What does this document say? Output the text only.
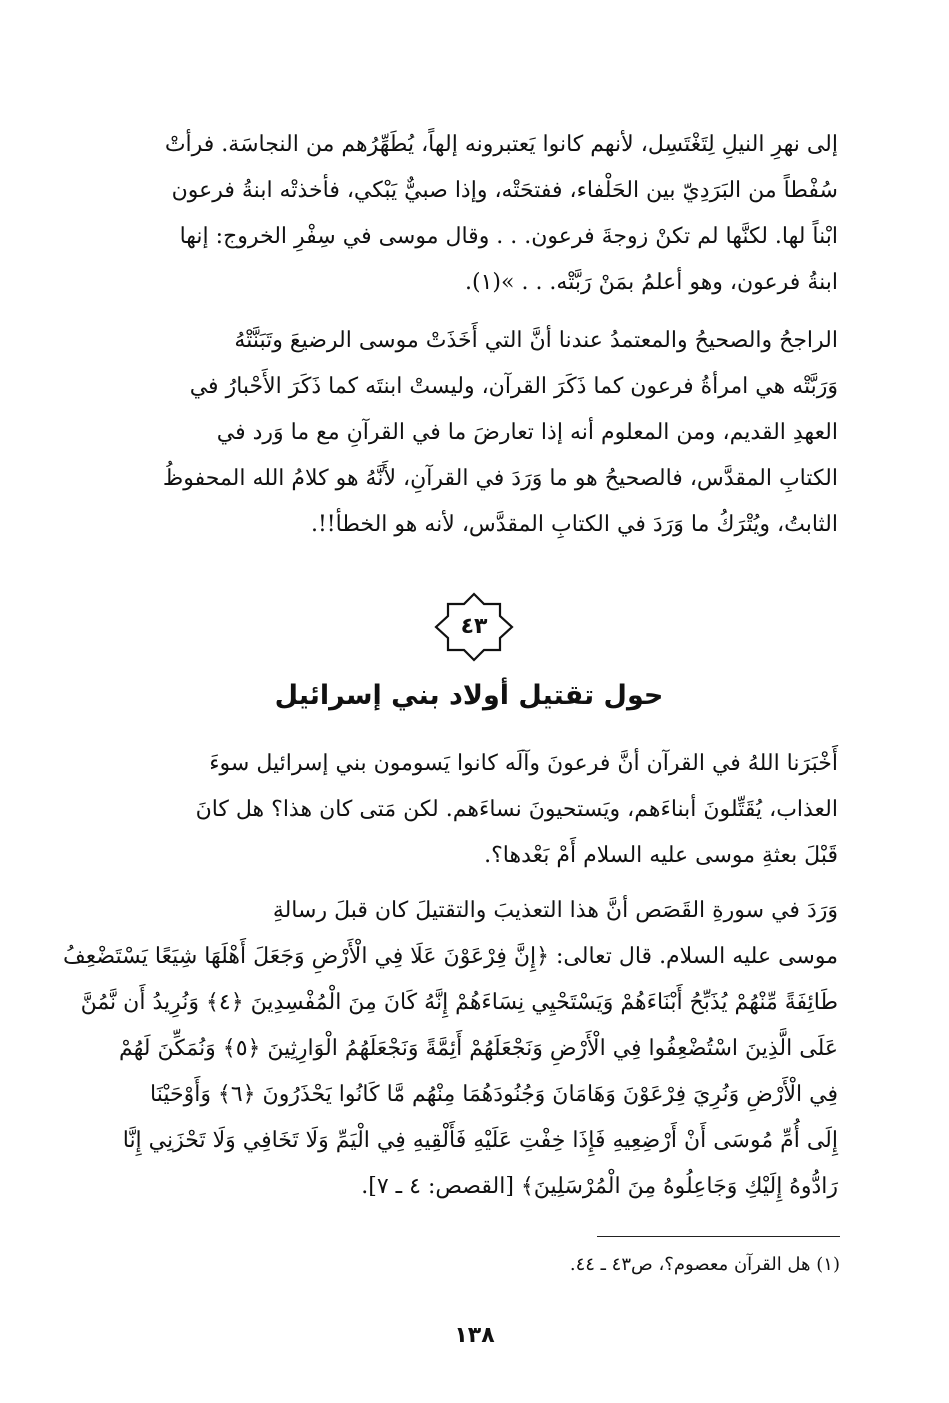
إلى نهرِ النيلِ لِتَغْتَسِل، لأنهم كانوا يَعتبرونه إلهاً، يُطَهِّرُهم من النجاسَة. فرأتْ
سُفْطاً من البَرَدِيّ بين الحَلْفاء، ففتحَتْه، وإذا صبيٌّ يَبْكي، فأخذتْه ابنةُ فرعون
ابْناً لها. لكنَّها لم تكنْ زوجةَ فرعون. . . وقال موسى في سِفْرِ الخروج: إنها
ابنةُ فرعون، وهو أعلمُ بمَنْ رَبَّتْه. . . »(١).
الراجحُ والصحيحُ والمعتمدُ عندنا أنَّ التي أَخَذَتْ موسى الرضيعَ وتَبَنَّتْهُ
وَرَبَّتْه هي امرأةُ فرعون كما ذَكَرَ القرآن، وليستْ ابنتَه كما ذَكَرَ الأَحْبارُ في
العهدِ القديم، ومن المعلوم أنه إذا تعارضَ ما في القرآنِ مع ما وَرد في
الكتابِ المقدَّس، فالصحيحُ هو ما وَرَدَ في القرآنِ، لأَنَّهُ هو كلامُ الله المحفوظُ
الثابتُ، ويُتْرَكُ ما وَرَدَ في الكتابِ المقدَّس، لأنه هو الخطأ!!.
٤٣
حول تقتيل أولاد بني إسرائيل
أَخْبَرَنا اللهُ في القرآن أنَّ فرعونَ وآلَه كانوا يَسومون بني إسرائيل سوءَ
العذاب، يُقَتِّلونَ أبناءَهم، ويَستحيونَ نساءَهم. لكن مَتى كان هذا؟ هل كانَ
قَبْلَ بعثةِ موسى عليه السلام أَمْ بَعْدها؟.
وَرَدَ في سورةِ القَصَص أنَّ هذا التعذيبَ والتقتيلَ كان قبلَ رسالةِ
موسى عليه السلام. قال تعالى: ﴿إِنَّ فِرْعَوْنَ عَلَا فِي الْأَرْضِ وَجَعَلَ أَهْلَهَا شِيَعًا يَسْتَضْعِفُ
طَائِفَةً مِّنْهُمْ يُذَبِّحُ أَبْنَاءَهُمْ وَيَسْتَحْيِي نِسَاءَهُمْ إِنَّهُ كَانَ مِنَ الْمُفْسِدِينَ ﴿٤﴾ وَنُرِيدُ أَن نَّمُنَّ
عَلَى الَّذِينَ اسْتُضْعِفُوا فِي الْأَرْضِ وَنَجْعَلَهُمْ أَئِمَّةً وَنَجْعَلَهُمُ الْوَارِثِينَ ﴿٥﴾ وَنُمَكِّنَ لَهُمْ
فِي الْأَرْضِ وَنُرِيَ فِرْعَوْنَ وَهَامَانَ وَجُنُودَهُمَا مِنْهُم مَّا كَانُوا يَحْذَرُونَ ﴿٦﴾ وَأَوْحَيْنَا
إِلَى أُمِّ مُوسَى أَنْ أَرْضِعِيهِ فَإِذَا خِفْتِ عَلَيْهِ فَأَلْقِيهِ فِي الْيَمِّ وَلَا تَخَافِي وَلَا تَحْزَنِي إِنَّا
رَادُّوهُ إِلَيْكِ وَجَاعِلُوهُ مِنَ الْمُرْسَلِينَ﴾ [القصص: ٤ ـ ٧].
(١) هل القرآن معصوم؟، ص٤٣ ـ ٤٤.
١٣٨
